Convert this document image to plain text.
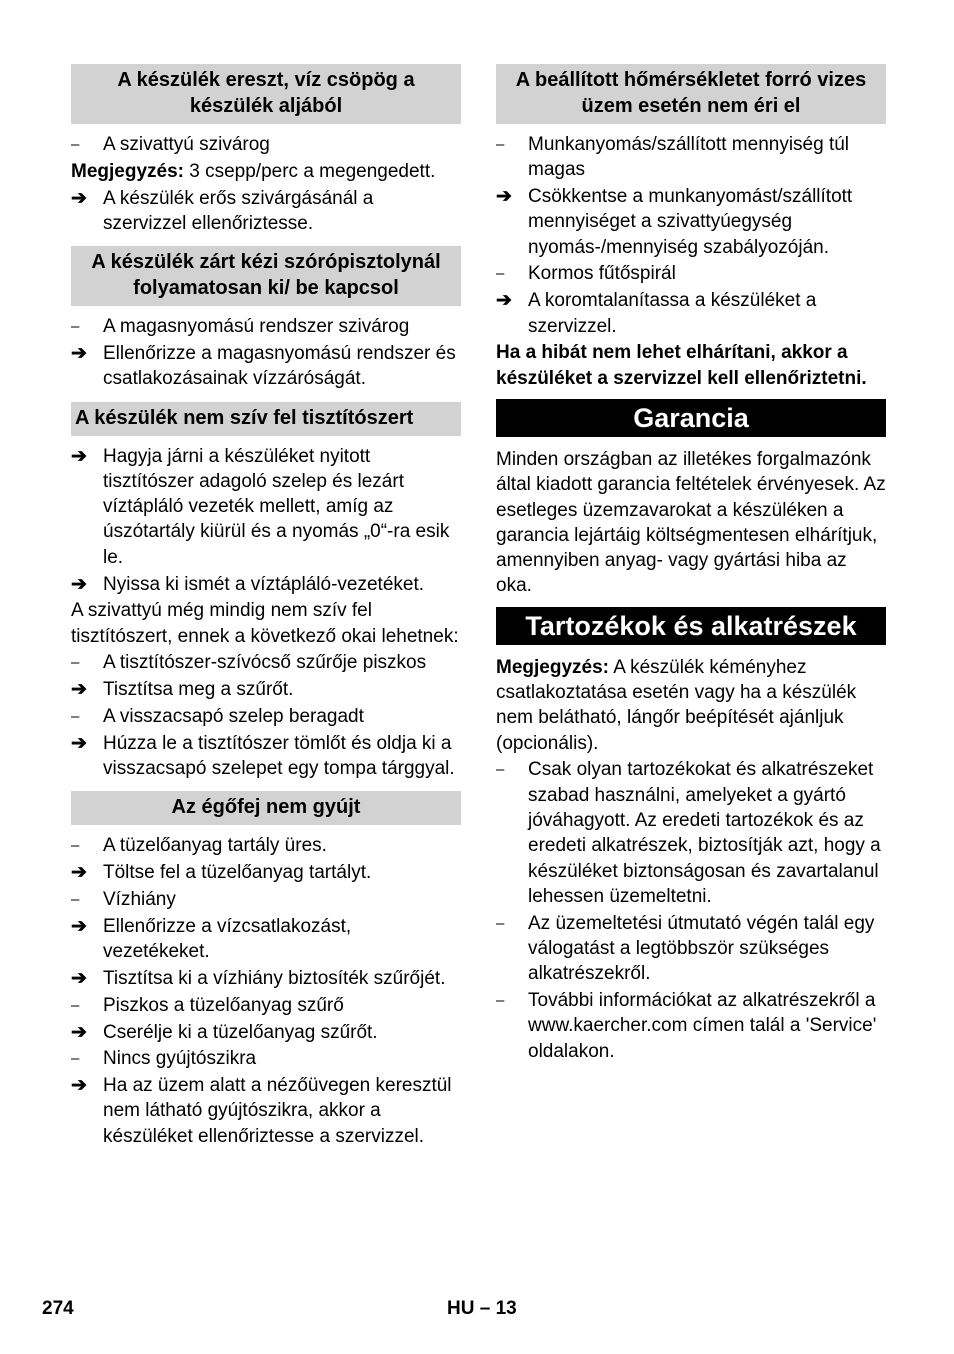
A készülék ereszt, víz csöpög a készülék aljából
–	A szivattyú szivárog
Megjegyzés: 3 csepp/perc a megengedett.
➔ A készülék erős szivárgásánál a szervizzel ellenőriztesse.
A készülék zárt kézi szórópisztolynál folyamatosan ki/ be kapcsol
–	A magasnyomású rendszer szivárog
➔ Ellenőrizze a magasnyomású rendszer és csatlakozásainak vízzáróságát.
A készülék nem szív fel tisztítószert
➔ Hagyja járni a készüléket nyitott tisztítószer adagoló szelep és lezárt víztápláló vezeték mellett, amíg az úszótartály kiürül és a nyomás „0“-ra esik le.
➔ Nyissa ki ismét a víztápláló-vezetéket.
A szivattyú még mindig nem szív fel tisztítószert, ennek a következő okai lehetnek:
–	A tisztítószer-szívócső szűrője piszkos
➔ Tisztítsa meg a szűrőt.
–	A visszacsapó szelep beragadt
➔ Húzza le a tisztítószer tömlőt és oldja ki a visszacsapó szelepet egy tompa tárggyal.
Az égőfej nem gyújt
–	A tüzelőanyag tartály üres.
➔ Töltse fel a tüzelőanyag tartályt.
–	Vízhiány
➔ Ellenőrizze a vízcsatlakozást, vezetékeket.
➔ Tisztítsa ki a vízhiány biztosíték szűrőjét.
–	Piszkos a tüzelőanyag szűrő
➔ Cserélje ki a tüzelőanyag szűrőt.
–	Nincs gyújtószikra
➔ Ha az üzem alatt a nézőüvegen keresztül nem látható gyújtószikra, akkor a készüléket ellenőriztesse a szervizzel.
A beállított hőmérsékletet forró vizes üzem esetén nem éri el
–	Munkanyomás/szállított mennyiség túl magas
➔ Csökkentse a munkanyomást/szállított mennyiséget a szivattyúegység nyomás-/mennyiség szabályozóján.
–	Kormos fűtőspirál
➔ A koromtalanítassa a készüléket a szervizzel.
Ha a hibát nem lehet elhárítani, akkor a készüléket a szervizzel kell ellenőriztetni.
Garancia
Minden országban az illetékes forgalmazónk által kiadott garancia feltételek érvényesek. Az esetleges üzemzavarokat a készüléken a garancia lejártáig költségmentesen elhárítjuk, amennyiben anyag- vagy gyártási hiba az oka.
Tartozékok és alkatrészek
Megjegyzés: A készülék kéményhez csatlakoztatása esetén vagy ha a készülék nem belátható, lángőr beépítését ajánljuk (opcionális).
–	Csak olyan tartozékokat és alkatrészeket szabad használni, amelyeket a gyártó jóváhagyott. Az eredeti tartozékok és az eredeti alkatrészek, biztosítják azt, hogy a készüléket biztonságosan és zavartalanul lehessen üzemeltetni.
–	Az üzemeltetési útmutató végén talál egy válogatást a legtöbbször szükséges alkatrészekről.
–	További információkat az alkatrészekről a www.kaercher.com címen talál a 'Service' oldalakon.
274	HU – 13
